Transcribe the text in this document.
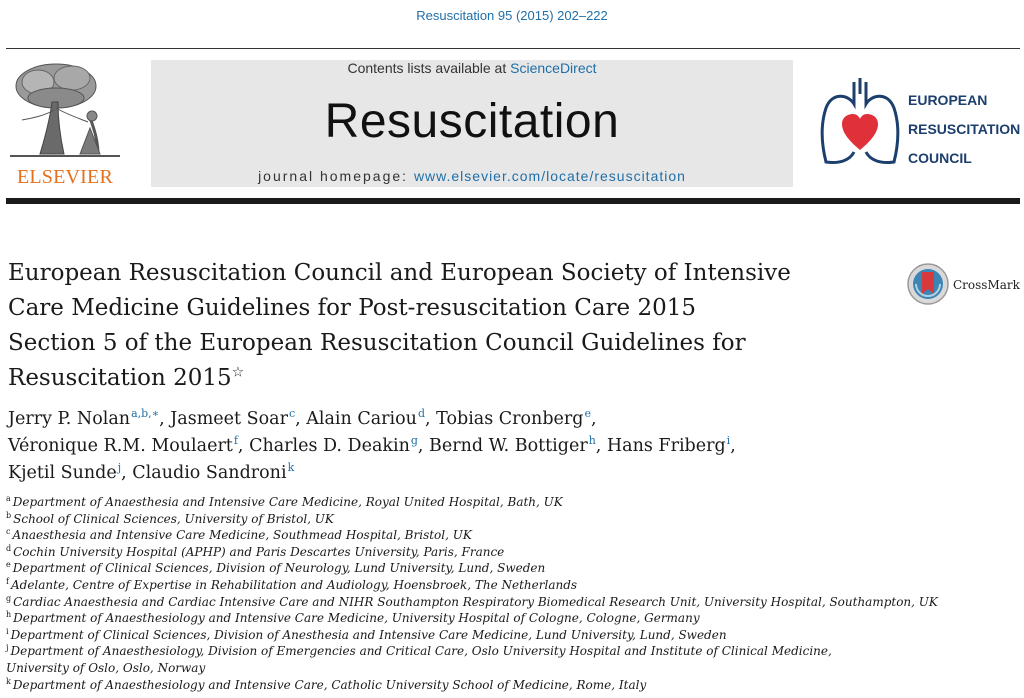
Resuscitation 95 (2015) 202–222
ELSEVIER
Contents lists available at ScienceDirect
Resuscitation
journal homepage: www.elsevier.com/locate/resuscitation
EUROPEAN
RESUSCITATION
COUNCIL
European Resuscitation Council and European Society of Intensive
Care Medicine Guidelines for Post-resuscitation Care 2015
Section 5 of the European Resuscitation Council Guidelines for
Resuscitation 2015☆
CrossMark
Jerry P. Nolan$^{a,b,∗}$, Jasmeet Soar$^c$, Alain Cariou$^d$, Tobias Cronberg$^e$,
Véronique R.M. Moulaert$^f$, Charles D. Deakin$^g$, Bernd W. Bottiger$^h$, Hans Friberg$^i$,
Kjetil Sunde$^j$, Claudio Sandroni$^k$
$^a$ Department of Anaesthesia and Intensive Care Medicine, Royal United Hospital, Bath, UK
$^b$ School of Clinical Sciences, University of Bristol, UK
$^c$ Anaesthesia and Intensive Care Medicine, Southmead Hospital, Bristol, UK
$^d$ Cochin University Hospital (APHP) and Paris Descartes University, Paris, France
$^e$ Department of Clinical Sciences, Division of Neurology, Lund University, Lund, Sweden
$^f$ Adelante, Centre of Expertise in Rehabilitation and Audiology, Hoensbroek, The Netherlands
$^g$ Cardiac Anaesthesia and Cardiac Intensive Care and NIHR Southampton Respiratory Biomedical Research Unit, University Hospital, Southampton, UK
$^h$ Department of Anaesthesiology and Intensive Care Medicine, University Hospital of Cologne, Cologne, Germany
$^i$ Department of Clinical Sciences, Division of Anesthesia and Intensive Care Medicine, Lund University, Lund, Sweden
$^j$ Department of Anaesthesiology, Division of Emergencies and Critical Care, Oslo University Hospital and Institute of Clinical Medicine, University of Oslo, Oslo, Norway
$^k$ Department of Anaesthesiology and Intensive Care, Catholic University School of Medicine, Rome, Italy
